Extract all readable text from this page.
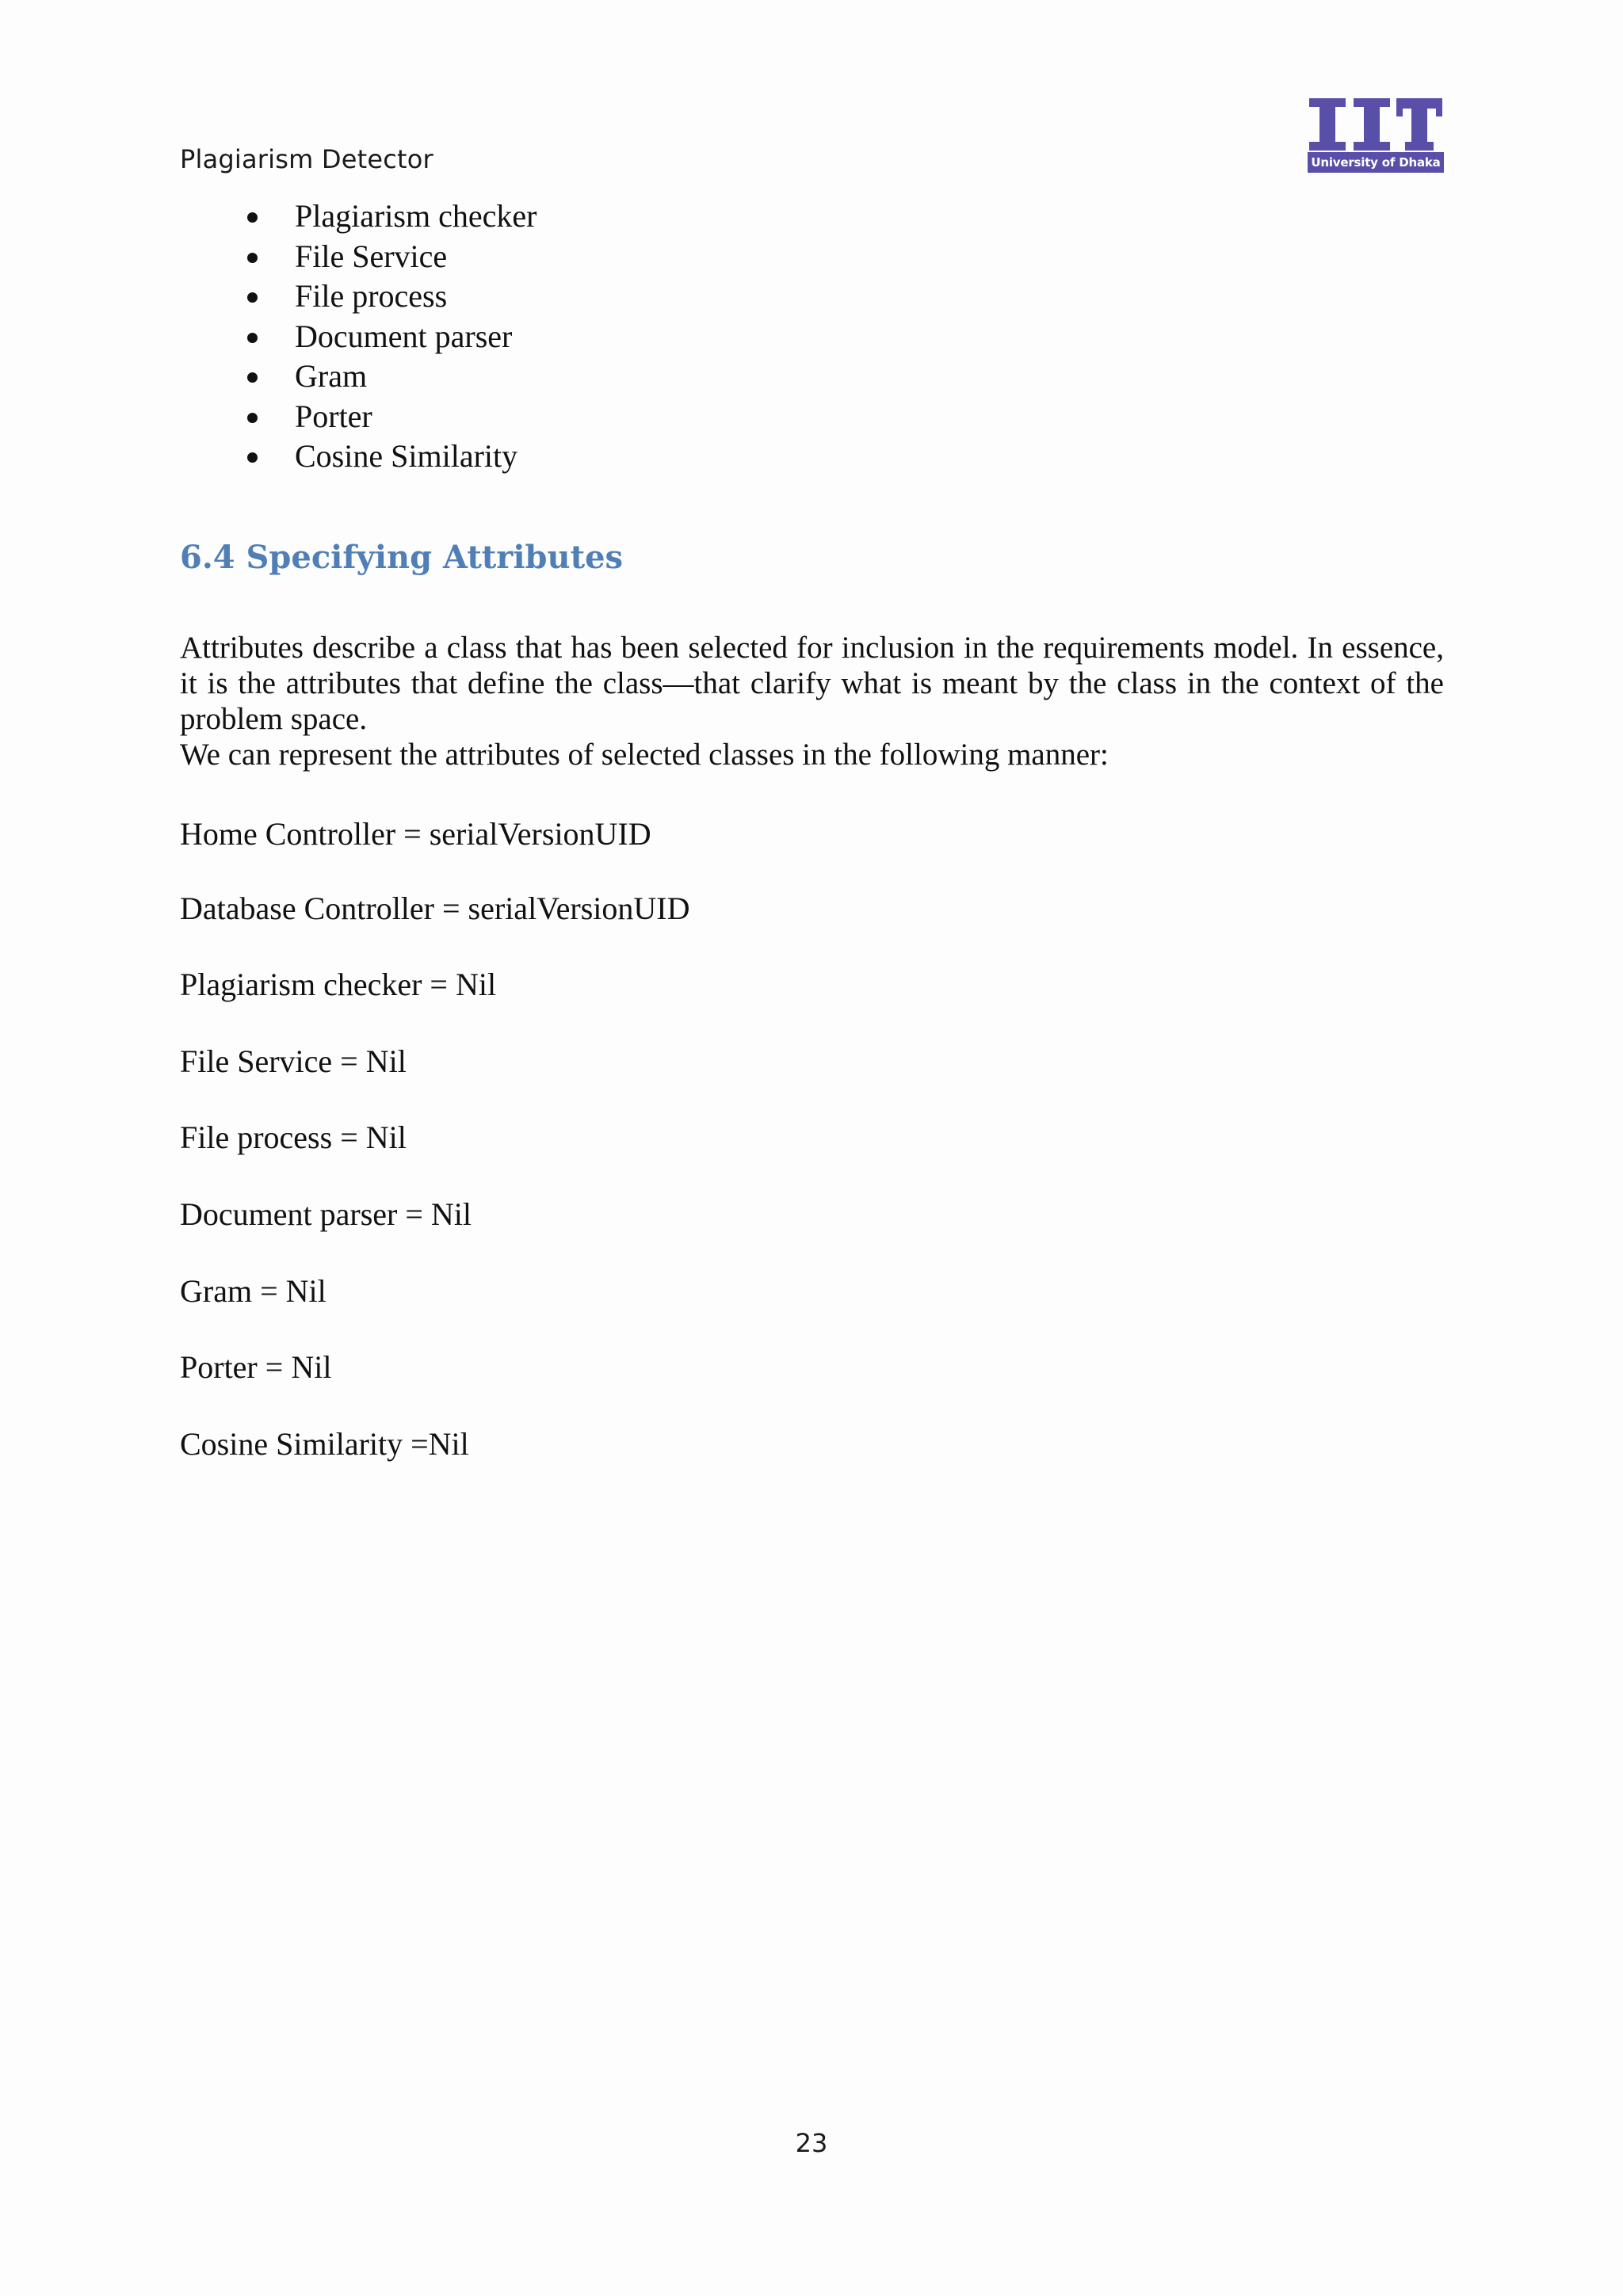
Plagiarism Detector	University of Dhaka
Plagiarism checker
File Service
File process
Document parser
Gram
Porter
Cosine Similarity
6.4 Specifying Attributes

Attributes describe a class that has been selected for inclusion in the requirements model. In essence, it is the attributes that define the class—that clarify what is meant by the class in the context of the problem space.

We can represent the attributes of selected classes in the following manner:

Home Controller = serialVersionUID

Database Controller = serialVersionUID

Plagiarism checker = Nil

File Service = Nil

File process = Nil

Document parser = Nil

Gram = Nil

Porter = Nil

Cosine Similarity =Nil

23
